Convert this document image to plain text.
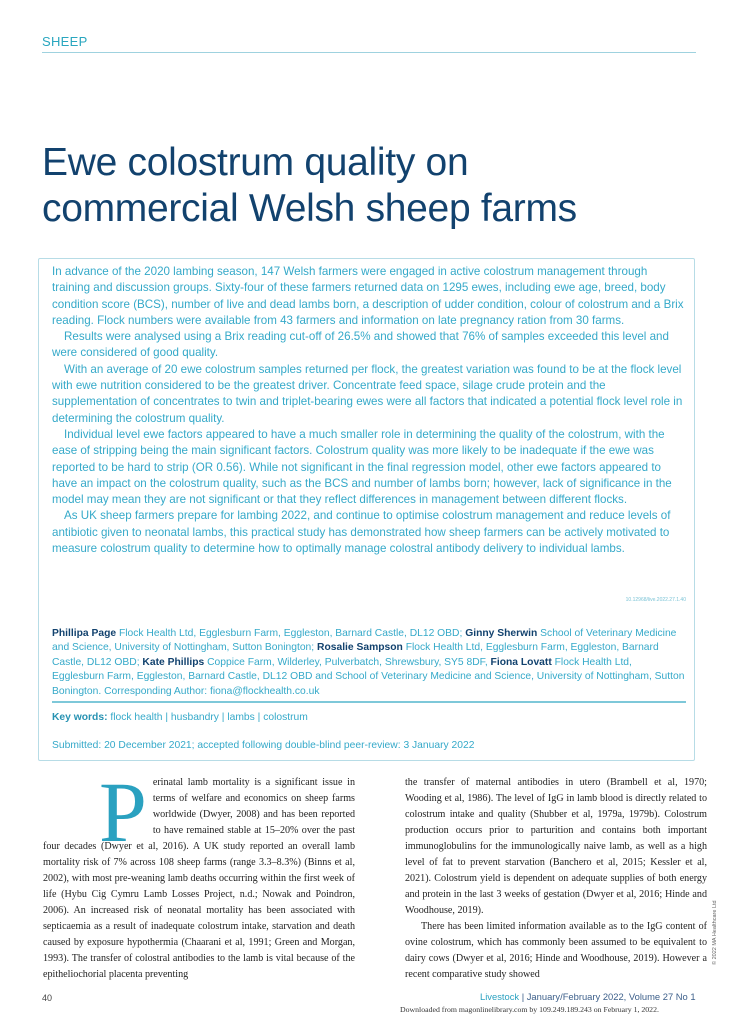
SHEEP
Ewe colostrum quality on
commercial Welsh sheep farms

In advance of the 2020 lambing season, 147 Welsh farmers were engaged in active colostrum management through training and discussion groups. Sixty-four of these farmers returned data on 1295 ewes, including ewe age, breed, body condition score (BCS), number of live and dead lambs born, a description of udder condition, colour of colostrum and a Brix reading. Flock numbers were available from 43 farmers and information on late pregnancy ration from 30 farms.

Results were analysed using a Brix reading cut-off of 26.5% and showed that 76% of samples exceeded this level and were considered of good quality.

With an average of 20 ewe colostrum samples returned per flock, the greatest variation was found to be at the flock level with ewe nutrition considered to be the greatest driver. Concentrate feed space, silage crude protein and the supplementation of concentrates to twin and triplet-bearing ewes were all factors that indicated a potential flock level role in determining the colostrum quality.

Individual level ewe factors appeared to have a much smaller role in determining the quality of the colostrum, with the ease of stripping being the main significant factors. Colostrum quality was more likely to be inadequate if the ewe was reported to be hard to strip (OR 0.56). While not significant in the final regression model, other ewe factors appeared to have an impact on the colostrum quality, such as the BCS and number of lambs born; however, lack of significance in the model may mean they are not significant or that they reflect differences in management between different flocks.

As UK sheep farmers prepare for lambing 2022, and continue to optimise colostrum management and reduce levels of antibiotic given to neonatal lambs, this practical study has demonstrated how sheep farmers can be actively motivated to measure colostrum quality to determine how to optimally manage colostral antibody delivery to individual lambs.

10.12968/live.2022.27.1.40
Phillipa Page Flock Health Ltd, Egglesburn Farm, Eggleston, Barnard Castle, DL12 OBD; Ginny Sherwin School of Veterinary Medicine and Science, University of Nottingham, Sutton Bonington; Rosalie Sampson Flock Health Ltd, Egglesburn Farm, Eggleston, Barnard Castle, DL12 OBD; Kate Phillips Coppice Farm, Wilderley, Pulverbatch, Shrewsbury, SY5 8DF, Fiona Lovatt Flock Health Ltd, Egglesburn Farm, Eggleston, Barnard Castle, DL12 OBD and School of Veterinary Medicine and Science, University of Nottingham, Sutton Bonington. Corresponding Author: fiona@flockhealth.co.uk
Key words: flock health | husbandry | lambs | colostrum
Submitted: 20 December 2021; accepted following double-blind peer-review: 3 January 2022
P erinatal lamb mortality is a significant issue in terms of welfare and economics on sheep farms worldwide (Dwyer, 2008) and has been reported to have remained stable at 15–20% over the past four decades (Dwyer et al, 2016). A UK study reported an overall lamb mortality risk of 7% across 108 sheep farms (range 3.3–8.3%) (Binns et al, 2002), with most pre-weaning lamb deaths occurring within the first week of life (Hybu Cig Cymru Lamb Losses Project, n.d.; Nowak and Poindron, 2006). An increased risk of neonatal mortality has been associated with septicaemia as a result of inadequate colostrum intake, starvation and death caused by exposure hypothermia (Chaarani et al, 1991; Green and Morgan, 1993). The transfer of colostral antibodies to the lamb is vital because of the epitheliochorial placenta preventing

the transfer of maternal antibodies in utero (Brambell et al, 1970; Wooding et al, 1986). The level of IgG in lamb blood is directly related to colostrum intake and quality (Shubber et al, 1979a, 1979b). Colostrum production occurs prior to parturition and contains both important immunoglobulins for the immunologically naive lamb, as well as a high level of fat to prevent starvation (Banchero et al, 2015; Kessler et al, 2021). Colostrum yield is dependent on adequate supplies of both energy and protein in the last 3 weeks of gestation (Dwyer et al, 2016; Hinde and Woodhouse, 2019).

There has been limited information available as to the IgG content of ovine colostrum, which has commonly been assumed to be equivalent to dairy cows (Dwyer et al, 2016; Hinde and Woodhouse, 2019). However a recent comparative study showed

© 2022 MA Healthcare Ltd
40	Livestock | January/February 2022, Volume 27 No 1
Downloaded from magonlinelibrary.com by 109.249.189.243 on February 1, 2022.
